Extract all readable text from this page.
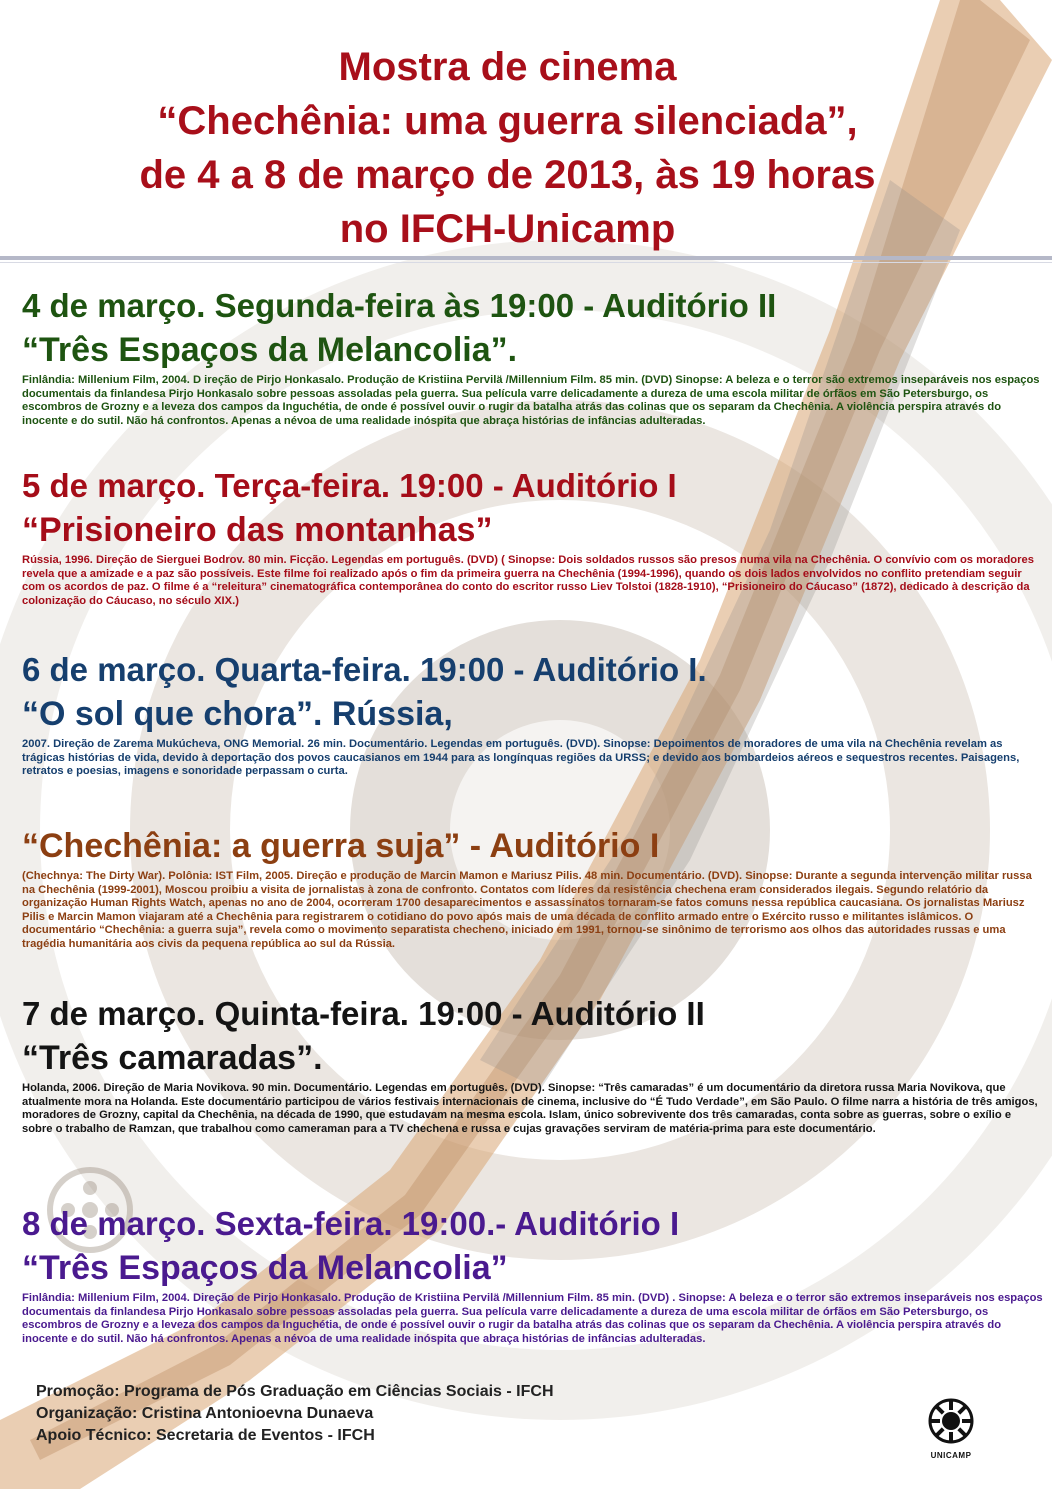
Mostra de cinema
“Chechênia: uma guerra silenciada”,
de 4 a 8 de março de 2013, às 19 horas
no IFCH-Unicamp
4 de março. Segunda-feira às 19:00 - Auditório II
“Três Espaços da Melancolia”.

Finlândia: Millenium Film, 2004. D ireção de Pirjo Honkasalo. Produção de Kristiina Pervilä /Millennium Film. 85 min. (DVD) Sinopse: A beleza e o terror são extremos inseparáveis nos espaços documentais da finlandesa Pirjo Honkasalo sobre pessoas assoladas pela guerra. Sua película varre delicadamente a dureza de uma escola militar de órfãos em São Petersburgo, os escombros de Grozny e a leveza dos campos da Inguchétia, de onde é possível ouvir o rugir da batalha atrás das colinas que os separam da Chechênia. A violência perspira através do inocente e do sutil. Não há confrontos. Apenas a névoa de uma realidade inóspita que abraça histórias de infâncias adulteradas.

5 de março. Terça-feira. 19:00 - Auditório I
“Prisioneiro das montanhas”

Rússia, 1996. Direção de Sierguei Bodrov. 80 min. Ficção. Legendas em português. (DVD) ( Sinopse: Dois soldados russos são presos numa vila na Chechênia. O convívio com os moradores revela que a amizade e a paz são possíveis. Este filme foi realizado após o fim da primeira guerra na Chechênia (1994-1996), quando os dois lados envolvidos no conflito pretendiam seguir com os acordos de paz. O filme é a “releitura” cinematográfica contemporânea do conto do escritor russo Liev Tolstoi (1828-1910), “Prisioneiro do Cáucaso” (1872), dedicado à descrição da colonização do Cáucaso, no século XIX.)

6 de março. Quarta-feira. 19:00 - Auditório I.
“O sol que chora”. Rússia,

2007. Direção de Zarema Mukúcheva, ONG Memorial. 26 min. Documentário. Legendas em português. (DVD). Sinopse: Depoimentos de moradores de uma vila na Chechênia revelam as trágicas histórias de vida, devido à deportação dos povos caucasianos em 1944 para as longínquas regiões da URSS; e devido aos bombardeios aéreos e sequestros recentes. Paisagens, retratos e poesias, imagens e sonoridade perpassam o curta.

“Chechênia: a guerra suja” - Auditório I

(Chechnya: The Dirty War). Polônia: IST Film, 2005. Direção e produção de Marcin Mamon e Mariusz Pilis. 48 min. Documentário. (DVD). Sinopse: Durante a segunda intervenção militar russa na Chechênia (1999-2001), Moscou proibiu a visita de jornalistas à zona de confronto. Contatos com líderes da resistência chechena eram considerados ilegais. Segundo relatório da organização Human Rights Watch, apenas no ano de 2004, ocorreram 1700 desaparecimentos e assassinatos tornaram-se fatos comuns nessa república caucasiana. Os jornalistas Mariusz Pilis e Marcin Mamon viajaram até a Chechênia para registrarem o cotidiano do povo após mais de uma década de conflito armado entre o Exército russo e militantes islâmicos. O documentário “Chechênia: a guerra suja”, revela como o movimento separatista checheno, iniciado em 1991, tornou-se sinônimo de terrorismo aos olhos das autoridades russas e uma tragédia humanitária aos civis da pequena república ao sul da Rússia.

7 de março. Quinta-feira. 19:00 - Auditório II
“Três camaradas”.

Holanda, 2006. Direção de Maria Novikova. 90 min. Documentário. Legendas em português. (DVD). Sinopse: “Três camaradas” é um documentário da diretora russa Maria Novikova, que atualmente mora na Holanda. Este documentário participou de vários festivais internacionais de cinema, inclusive do “É Tudo Verdade”, em São Paulo. O filme narra a história de três amigos, moradores de Grozny, capital da Chechênia, na década de 1990, que estudavam na mesma escola. Islam, único sobrevivente dos três camaradas, conta sobre as guerras, sobre o exílio e sobre o trabalho de Ramzan, que trabalhou como cameraman para a TV chechena e russa e cujas gravações serviram de matéria-prima para este documentário.

8 de março. Sexta-feira. 19:00.- Auditório I
“Três Espaços da Melancolia”

Finlândia: Millenium Film, 2004. Direção de Pirjo Honkasalo. Produção de Kristiina Pervilä /Millennium Film. 85 min. (DVD) . Sinopse: A beleza e o terror são extremos inseparáveis nos espaços documentais da finlandesa Pirjo Honkasalo sobre pessoas assoladas pela guerra. Sua película varre delicadamente a dureza de uma escola militar de órfãos em São Petersburgo, os escombros de Grozny e a leveza dos campos da Inguchétia, de onde é possível ouvir o rugir da batalha atrás das colinas que os separam da Chechênia. A violência perspira através do inocente e do sutil. Não há confrontos. Apenas a névoa de uma realidade inóspita que abraça histórias de infâncias adulteradas.

Promoção: Programa de Pós Graduação em Ciências Sociais - IFCH
Organização: Cristina Antonioevna Dunaeva
Apoio Técnico: Secretaria de Eventos - IFCH
UNICAMP
